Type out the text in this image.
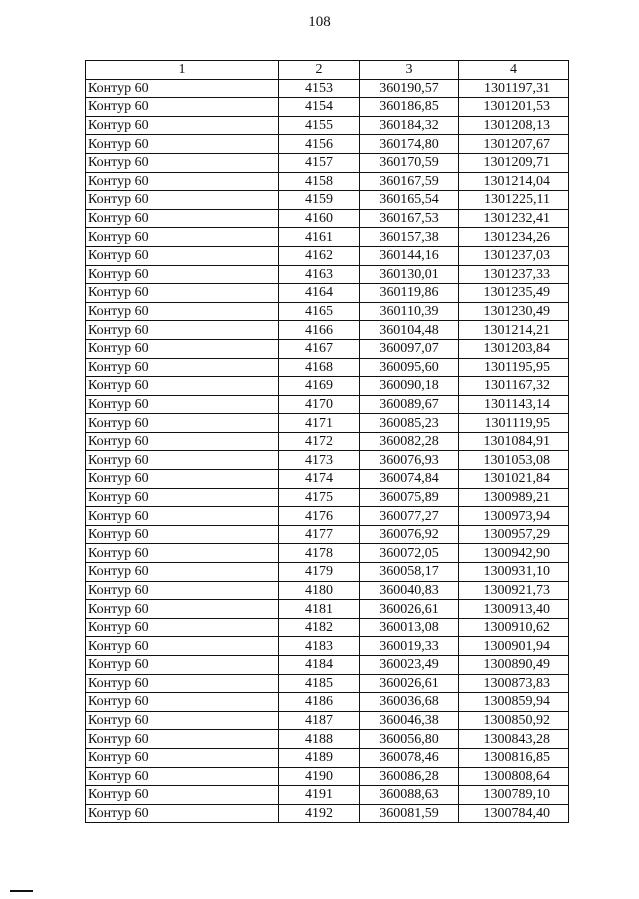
108
1	2	3	4
Контур 60	4153	360190,57	1301197,31
Контур 60	4154	360186,85	1301201,53
Контур 60	4155	360184,32	1301208,13
Контур 60	4156	360174,80	1301207,67
Контур 60	4157	360170,59	1301209,71
Контур 60	4158	360167,59	1301214,04
Контур 60	4159	360165,54	1301225,11
Контур 60	4160	360167,53	1301232,41
Контур 60	4161	360157,38	1301234,26
Контур 60	4162	360144,16	1301237,03
Контур 60	4163	360130,01	1301237,33
Контур 60	4164	360119,86	1301235,49
Контур 60	4165	360110,39	1301230,49
Контур 60	4166	360104,48	1301214,21
Контур 60	4167	360097,07	1301203,84
Контур 60	4168	360095,60	1301195,95
Контур 60	4169	360090,18	1301167,32
Контур 60	4170	360089,67	1301143,14
Контур 60	4171	360085,23	1301119,95
Контур 60	4172	360082,28	1301084,91
Контур 60	4173	360076,93	1301053,08
Контур 60	4174	360074,84	1301021,84
Контур 60	4175	360075,89	1300989,21
Контур 60	4176	360077,27	1300973,94
Контур 60	4177	360076,92	1300957,29
Контур 60	4178	360072,05	1300942,90
Контур 60	4179	360058,17	1300931,10
Контур 60	4180	360040,83	1300921,73
Контур 60	4181	360026,61	1300913,40
Контур 60	4182	360013,08	1300910,62
Контур 60	4183	360019,33	1300901,94
Контур 60	4184	360023,49	1300890,49
Контур 60	4185	360026,61	1300873,83
Контур 60	4186	360036,68	1300859,94
Контур 60	4187	360046,38	1300850,92
Контур 60	4188	360056,80	1300843,28
Контур 60	4189	360078,46	1300816,85
Контур 60	4190	360086,28	1300808,64
Контур 60	4191	360088,63	1300789,10
Контур 60	4192	360081,59	1300784,40
